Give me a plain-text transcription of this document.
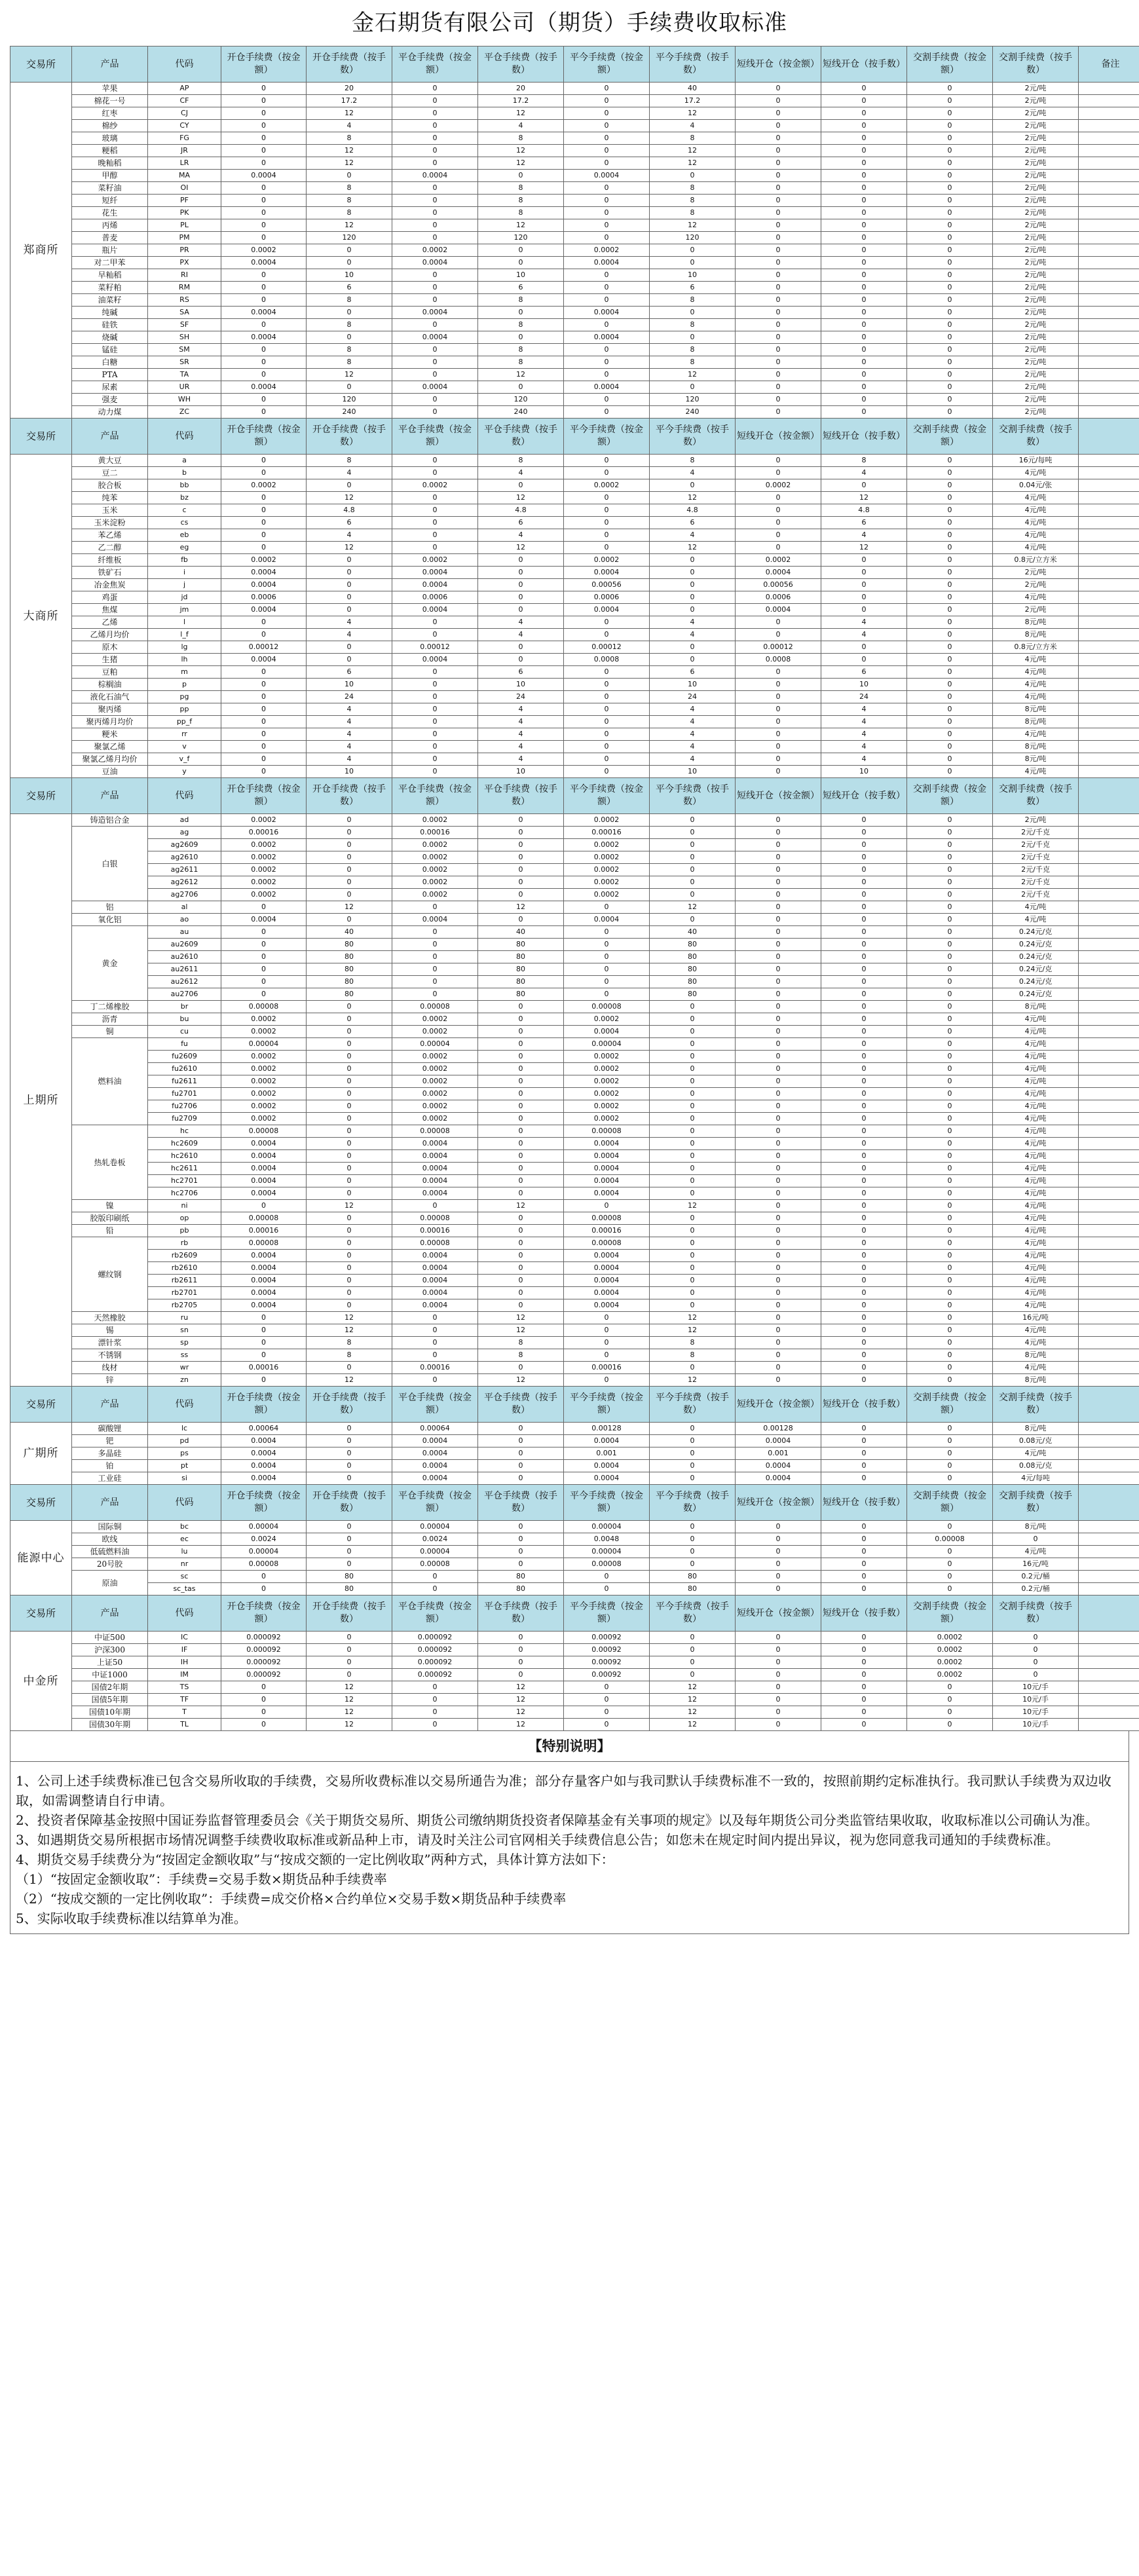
金石期货有限公司（期货）手续费收取标准
交易所	产品	代码	开仓手续费（按金额）	开仓手续费（按手数）	平仓手续费（按金额）	平仓手续费（按手数）	平今手续费（按金额）	平今手续费（按手数）	短线开仓（按金额）	短线开仓（按手数）	交割手续费（按金额）	交割手续费（按手数）	备注
郑商所	苹果	AP	0	20	0	20	0	40	0	0	0	2元/吨	
	棉花一号	CF	0	17.2	0	17.2	0	17.2	0	0	0	2元/吨	
	红枣	CJ	0	12	0	12	0	12	0	0	0	2元/吨	
	棉纱	CY	0	4	0	4	0	4	0	0	0	2元/吨	
	玻璃	FG	0	8	0	8	0	8	0	0	0	2元/吨	
	粳稻	JR	0	12	0	12	0	12	0	0	0	2元/吨	
	晚籼稻	LR	0	12	0	12	0	12	0	0	0	2元/吨	
	甲醇	MA	0.0004	0	0.0004	0	0.0004	0	0	0	0	2元/吨	
	菜籽油	OI	0	8	0	8	0	8	0	0	0	2元/吨	
	短纤	PF	0	8	0	8	0	8	0	0	0	2元/吨	
	花生	PK	0	8	0	8	0	8	0	0	0	2元/吨	
	丙烯	PL	0	12	0	12	0	12	0	0	0	2元/吨	
	普麦	PM	0	120	0	120	0	120	0	0	0	2元/吨	
	瓶片	PR	0.0002	0	0.0002	0	0.0002	0	0	0	0	2元/吨	
	对二甲苯	PX	0.0004	0	0.0004	0	0.0004	0	0	0	0	2元/吨	
	早籼稻	RI	0	10	0	10	0	10	0	0	0	2元/吨	
	菜籽粕	RM	0	6	0	6	0	6	0	0	0	2元/吨	
	油菜籽	RS	0	8	0	8	0	8	0	0	0	2元/吨	
	纯碱	SA	0.0004	0	0.0004	0	0.0004	0	0	0	0	2元/吨	
	硅铁	SF	0	8	0	8	0	8	0	0	0	2元/吨	
	烧碱	SH	0.0004	0	0.0004	0	0.0004	0	0	0	0	2元/吨	
	锰硅	SM	0	8	0	8	0	8	0	0	0	2元/吨	
	白糖	SR	0	8	0	8	0	8	0	0	0	2元/吨	
	PTA	TA	0	12	0	12	0	12	0	0	0	2元/吨	
	尿素	UR	0.0004	0	0.0004	0	0.0004	0	0	0	0	2元/吨	
	强麦	WH	0	120	0	120	0	120	0	0	0	2元/吨	
	动力煤	ZC	0	240	0	240	0	240	0	0	0	2元/吨	
交易所	产品	代码	开仓手续费（按金额）	开仓手续费（按手数）	平仓手续费（按金额）	平仓手续费（按手数）	平今手续费（按金额）	平今手续费（按手数）	短线开仓（按金额）	短线开仓（按手数）	交割手续费（按金额）	交割手续费（按手数）	
大商所	黄大豆	a	0	8	0	8	0	8	0	8	0	16元/每吨	
	豆二	b	0	4	0	4	0	4	0	4	0	4元/吨	
	胶合板	bb	0.0002	0	0.0002	0	0.0002	0	0.0002	0	0	0.04元/张	
	纯苯	bz	0	12	0	12	0	12	0	12	0	4元/吨	
	玉米	c	0	4.8	0	4.8	0	4.8	0	4.8	0	4元/吨	
	玉米淀粉	cs	0	6	0	6	0	6	0	6	0	4元/吨	
	苯乙烯	eb	0	4	0	4	0	4	0	4	0	4元/吨	
	乙二醇	eg	0	12	0	12	0	12	0	12	0	4元/吨	
	纤维板	fb	0.0002	0	0.0002	0	0.0002	0	0.0002	0	0	0.8元/立方米	
	铁矿石	i	0.0004	0	0.0004	0	0.0004	0	0.0004	0	0	2元/吨	
	冶金焦炭	j	0.0004	0	0.0004	0	0.00056	0	0.00056	0	0	2元/吨	
	鸡蛋	jd	0.0006	0	0.0006	0	0.0006	0	0.0006	0	0	4元/吨	
	焦煤	jm	0.0004	0	0.0004	0	0.0004	0	0.0004	0	0	2元/吨	
	乙烯	l	0	4	0	4	0	4	0	4	0	8元/吨	
	乙烯月均价	l_f	0	4	0	4	0	4	0	4	0	8元/吨	
	原木	lg	0.00012	0	0.00012	0	0.00012	0	0.00012	0	0	0.8元/立方米	
	生猪	lh	0.0004	0	0.0004	0	0.0008	0	0.0008	0	0	4元/吨	
	豆粕	m	0	6	0	6	0	6	0	6	0	4元/吨	
	棕榈油	p	0	10	0	10	0	10	0	10	0	4元/吨	
	液化石油气	pg	0	24	0	24	0	24	0	24	0	4元/吨	
	聚丙烯	pp	0	4	0	4	0	4	0	4	0	8元/吨	
	聚丙烯月均价	pp_f	0	4	0	4	0	4	0	4	0	8元/吨	
	粳米	rr	0	4	0	4	0	4	0	4	0	4元/吨	
	聚氯乙烯	v	0	4	0	4	0	4	0	4	0	8元/吨	
	聚氯乙烯月均价	v_f	0	4	0	4	0	4	0	4	0	8元/吨	
	豆油	y	0	10	0	10	0	10	0	10	0	4元/吨	
交易所	产品	代码	开仓手续费（按金额）	开仓手续费（按手数）	平仓手续费（按金额）	平仓手续费（按手数）	平今手续费（按金额）	平今手续费（按手数）	短线开仓（按金额）	短线开仓（按手数）	交割手续费（按金额）	交割手续费（按手数）	
上期所	铸造铝合金	ad	0.0002	0	0.0002	0	0.0002	0	0	0	0	2元/吨	
	白银	ag	0.00016	0	0.00016	0	0.00016	0	0	0	0	2元/千克	
		ag2609	0.0002	0	0.0002	0	0.0002	0	0	0	0	2元/千克	
		ag2610	0.0002	0	0.0002	0	0.0002	0	0	0	0	2元/千克	
		ag2611	0.0002	0	0.0002	0	0.0002	0	0	0	0	2元/千克	
		ag2612	0.0002	0	0.0002	0	0.0002	0	0	0	0	2元/千克	
		ag2706	0.0002	0	0.0002	0	0.0002	0	0	0	0	2元/千克	
	铝	al	0	12	0	12	0	12	0	0	0	4元/吨	
	氧化铝	ao	0.0004	0	0.0004	0	0.0004	0	0	0	0	4元/吨	
	黄金	au	0	40	0	40	0	40	0	0	0	0.24元/克	
		au2609	0	80	0	80	0	80	0	0	0	0.24元/克	
		au2610	0	80	0	80	0	80	0	0	0	0.24元/克	
		au2611	0	80	0	80	0	80	0	0	0	0.24元/克	
		au2612	0	80	0	80	0	80	0	0	0	0.24元/克	
		au2706	0	80	0	80	0	80	0	0	0	0.24元/克	
	丁二烯橡胶	br	0.00008	0	0.00008	0	0.00008	0	0	0	0	8元/吨	
	沥青	bu	0.0002	0	0.0002	0	0.0002	0	0	0	0	4元/吨	
	铜	cu	0.0002	0	0.0002	0	0.0004	0	0	0	0	4元/吨	
	燃料油	fu	0.00004	0	0.00004	0	0.00004	0	0	0	0	4元/吨	
		fu2609	0.0002	0	0.0002	0	0.0002	0	0	0	0	4元/吨	
		fu2610	0.0002	0	0.0002	0	0.0002	0	0	0	0	4元/吨	
		fu2611	0.0002	0	0.0002	0	0.0002	0	0	0	0	4元/吨	
		fu2701	0.0002	0	0.0002	0	0.0002	0	0	0	0	4元/吨	
		fu2706	0.0002	0	0.0002	0	0.0002	0	0	0	0	4元/吨	
		fu2709	0.0002	0	0.0002	0	0.0002	0	0	0	0	4元/吨	
	热轧卷板	hc	0.00008	0	0.00008	0	0.00008	0	0	0	0	4元/吨	
		hc2609	0.0004	0	0.0004	0	0.0004	0	0	0	0	4元/吨	
		hc2610	0.0004	0	0.0004	0	0.0004	0	0	0	0	4元/吨	
		hc2611	0.0004	0	0.0004	0	0.0004	0	0	0	0	4元/吨	
		hc2701	0.0004	0	0.0004	0	0.0004	0	0	0	0	4元/吨	
		hc2706	0.0004	0	0.0004	0	0.0004	0	0	0	0	4元/吨	
	镍	ni	0	12	0	12	0	12	0	0	0	4元/吨	
	胶版印刷纸	op	0.00008	0	0.00008	0	0.00008	0	0	0	0	4元/吨	
	铅	pb	0.00016	0	0.00016	0	0.00016	0	0	0	0	4元/吨	
	螺纹钢	rb	0.00008	0	0.00008	0	0.00008	0	0	0	0	4元/吨	
		rb2609	0.0004	0	0.0004	0	0.0004	0	0	0	0	4元/吨	
		rb2610	0.0004	0	0.0004	0	0.0004	0	0	0	0	4元/吨	
		rb2611	0.0004	0	0.0004	0	0.0004	0	0	0	0	4元/吨	
		rb2701	0.0004	0	0.0004	0	0.0004	0	0	0	0	4元/吨	
		rb2705	0.0004	0	0.0004	0	0.0004	0	0	0	0	4元/吨	
	天然橡胶	ru	0	12	0	12	0	12	0	0	0	16元/吨	
	锡	sn	0	12	0	12	0	12	0	0	0	4元/吨	
	漂针浆	sp	0	8	0	8	0	8	0	0	0	4元/吨	
	不锈钢	ss	0	8	0	8	0	8	0	0	0	8元/吨	
	线材	wr	0.00016	0	0.00016	0	0.00016	0	0	0	0	4元/吨	
	锌	zn	0	12	0	12	0	12	0	0	0	8元/吨	
交易所	产品	代码	开仓手续费（按金额）	开仓手续费（按手数）	平仓手续费（按金额）	平仓手续费（按手数）	平今手续费（按金额）	平今手续费（按手数）	短线开仓（按金额）	短线开仓（按手数）	交割手续费（按金额）	交割手续费（按手数）	
广期所	碳酸锂	lc	0.00064	0	0.00064	0	0.00128	0	0.00128	0	0	8元/吨	
	钯	pd	0.0004	0	0.0004	0	0.0004	0	0.0004	0	0	0.08元/克	
	多晶硅	ps	0.0004	0	0.0004	0	0.001	0	0.001	0	0	4元/吨	
	铂	pt	0.0004	0	0.0004	0	0.0004	0	0.0004	0	0	0.08元/克	
	工业硅	si	0.0004	0	0.0004	0	0.0004	0	0.0004	0	0	4元/每吨	
交易所	产品	代码	开仓手续费（按金额）	开仓手续费（按手数）	平仓手续费（按金额）	平仓手续费（按手数）	平今手续费（按金额）	平今手续费（按手数）	短线开仓（按金额）	短线开仓（按手数）	交割手续费（按金额）	交割手续费（按手数）	
能源中心	国际铜	bc	0.00004	0	0.00004	0	0.00004	0	0	0	0	8元/吨	
	欧线	ec	0.0024	0	0.0024	0	0.0048	0	0	0	0.00008	0	
	低硫燃料油	lu	0.00004	0	0.00004	0	0.00004	0	0	0	0	4元/吨	
	20号胶	nr	0.00008	0	0.00008	0	0.00008	0	0	0	0	16元/吨	
	原油	sc	0	80	0	80	0	80	0	0	0	0.2元/桶	
		sc_tas	0	80	0	80	0	80	0	0	0	0.2元/桶	
交易所	产品	代码	开仓手续费（按金额）	开仓手续费（按手数）	平仓手续费（按金额）	平仓手续费（按手数）	平今手续费（按金额）	平今手续费（按手数）	短线开仓（按金额）	短线开仓（按手数）	交割手续费（按金额）	交割手续费（按手数）	
中金所	中证500	IC	0.000092	0	0.000092	0	0.00092	0	0	0	0.0002	0	
	沪深300	IF	0.000092	0	0.000092	0	0.00092	0	0	0	0.0002	0	
	上证50	IH	0.000092	0	0.000092	0	0.00092	0	0	0	0.0002	0	
	中证1000	IM	0.000092	0	0.000092	0	0.00092	0	0	0	0.0002	0	
	国债2年期	TS	0	12	0	12	0	12	0	0	0	10元/手	
	国债5年期	TF	0	12	0	12	0	12	0	0	0	10元/手	
	国债10年期	T	0	12	0	12	0	12	0	0	0	10元/手	
	国债30年期	TL	0	12	0	12	0	12	0	0	0	10元/手	
【特别说明】

1、公司上述手续费标准已包含交易所收取的手续费，交易所收费标准以交易所通告为准；部分存量客户如与我司默认手续费标准不一致的，按照前期约定标准执行。我司默认手续费为双边收取，如需调整请自行申请。

2、投资者保障基金按照中国证券监督管理委员会《关于期货交易所、期货公司缴纳期货投资者保障基金有关事项的规定》以及每年期货公司分类监管结果收取，收取标准以公司确认为准。

3、如遇期货交易所根据市场情况调整手续费收取标准或新品种上市，请及时关注公司官网相关手续费信息公告；如您未在规定时间内提出异议，视为您同意我司通知的手续费标准。

4、期货交易手续费分为“按固定金额收取”与“按成交额的一定比例收取”两种方式，具体计算方法如下：

（1）“按固定金额收取”：手续费=交易手数×期货品种手续费率

（2）“按成交额的一定比例收取”：手续费=成交价格×合约单位×交易手数×期货品种手续费率

5、实际收取手续费标准以结算单为准。
